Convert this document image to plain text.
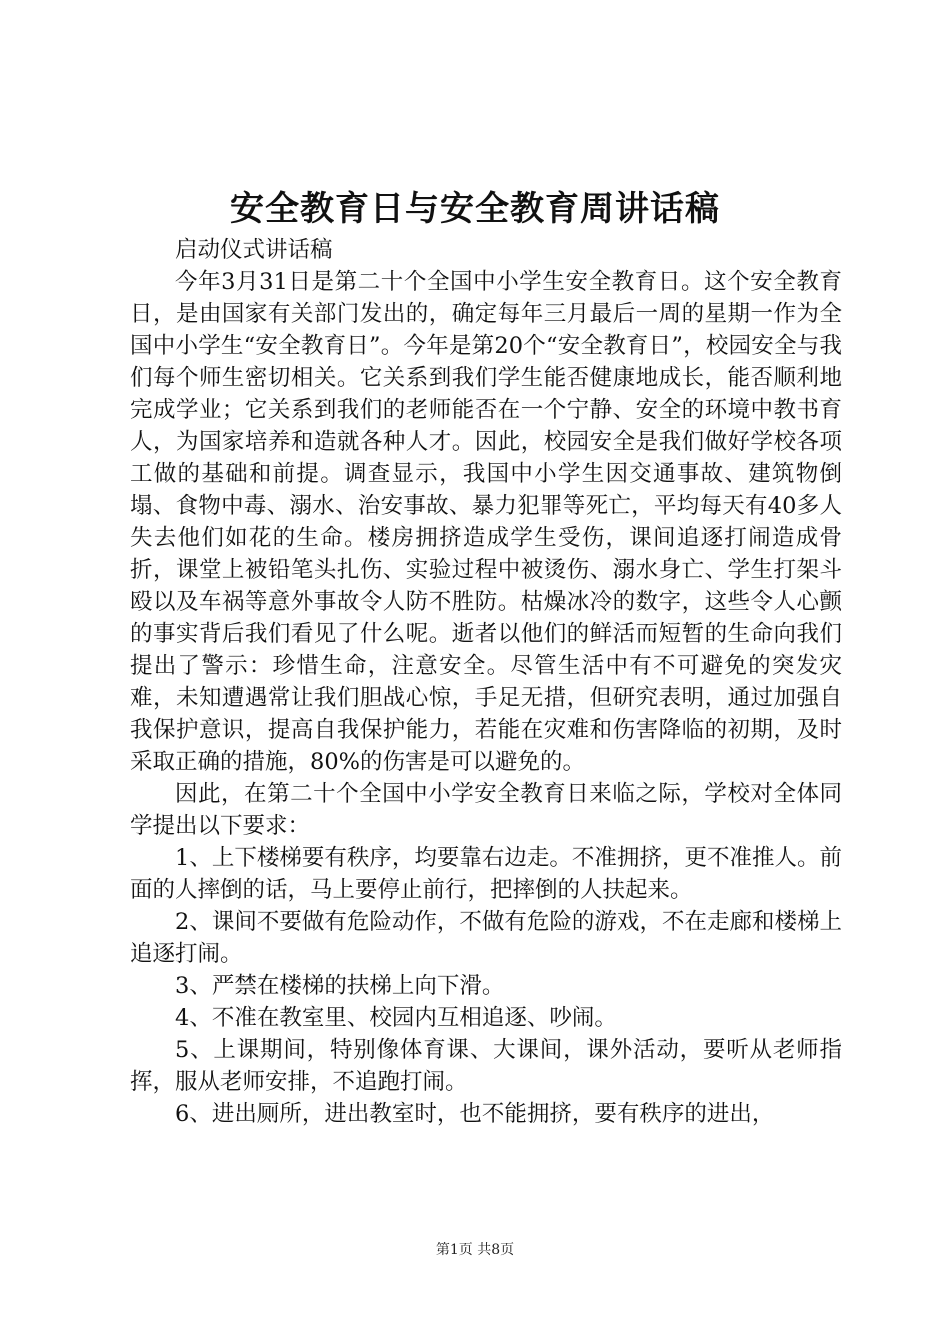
安全教育日与安全教育周讲话稿

启动仪式讲话稿

今年3月31日是第二十个全国中小学生安全教育日。这个安全教育日，是由国家有关部门发出的，确定每年三月最后一周的星期一作为全国中小学生“安全教育日”。今年是第20个“安全教育日”，校园安全与我们每个师生密切相关。它关系到我们学生能否健康地成长，能否顺利地完成学业；它关系到我们的老师能否在一个宁静、安全的环境中教书育人，为国家培养和造就各种人才。因此，校园安全是我们做好学校各项工做的基础和前提。调查显示，我国中小学生因交通事故、建筑物倒塌、食物中毒、溺水、治安事故、暴力犯罪等死亡，平均每天有40多人失去他们如花的生命。楼房拥挤造成学生受伤，课间追逐打闹造成骨折，课堂上被铅笔头扎伤、实验过程中被烫伤、溺水身亡、学生打架斗殴以及车祸等意外事故令人防不胜防。枯燥冰冷的数字，这些令人心颤的事实背后我们看见了什么呢。逝者以他们的鲜活而短暂的生命向我们提出了警示：珍惜生命，注意安全。尽管生活中有不可避免的突发灾难，未知遭遇常让我们胆战心惊，手足无措，但研究表明，通过加强自我保护意识，提高自我保护能力，若能在灾难和伤害降临的初期，及时采取正确的措施，80%的伤害是可以避免的。

因此，在第二十个全国中小学安全教育日来临之际，学校对全体同学提出以下要求：

1、上下楼梯要有秩序，均要靠右边走。不准拥挤，更不准推人。前面的人摔倒的话，马上要停止前行，把摔倒的人扶起来。

2、课间不要做有危险动作，不做有危险的游戏，不在走廊和楼梯上追逐打闹。

3、严禁在楼梯的扶梯上向下滑。

4、不准在教室里、校园内互相追逐、吵闹。

5、上课期间，特别像体育课、大课间，课外活动，要听从老师指挥，服从老师安排，不追跑打闹。

6、进出厕所，进出教室时，也不能拥挤，要有秩序的进出，

第1页 共8页
